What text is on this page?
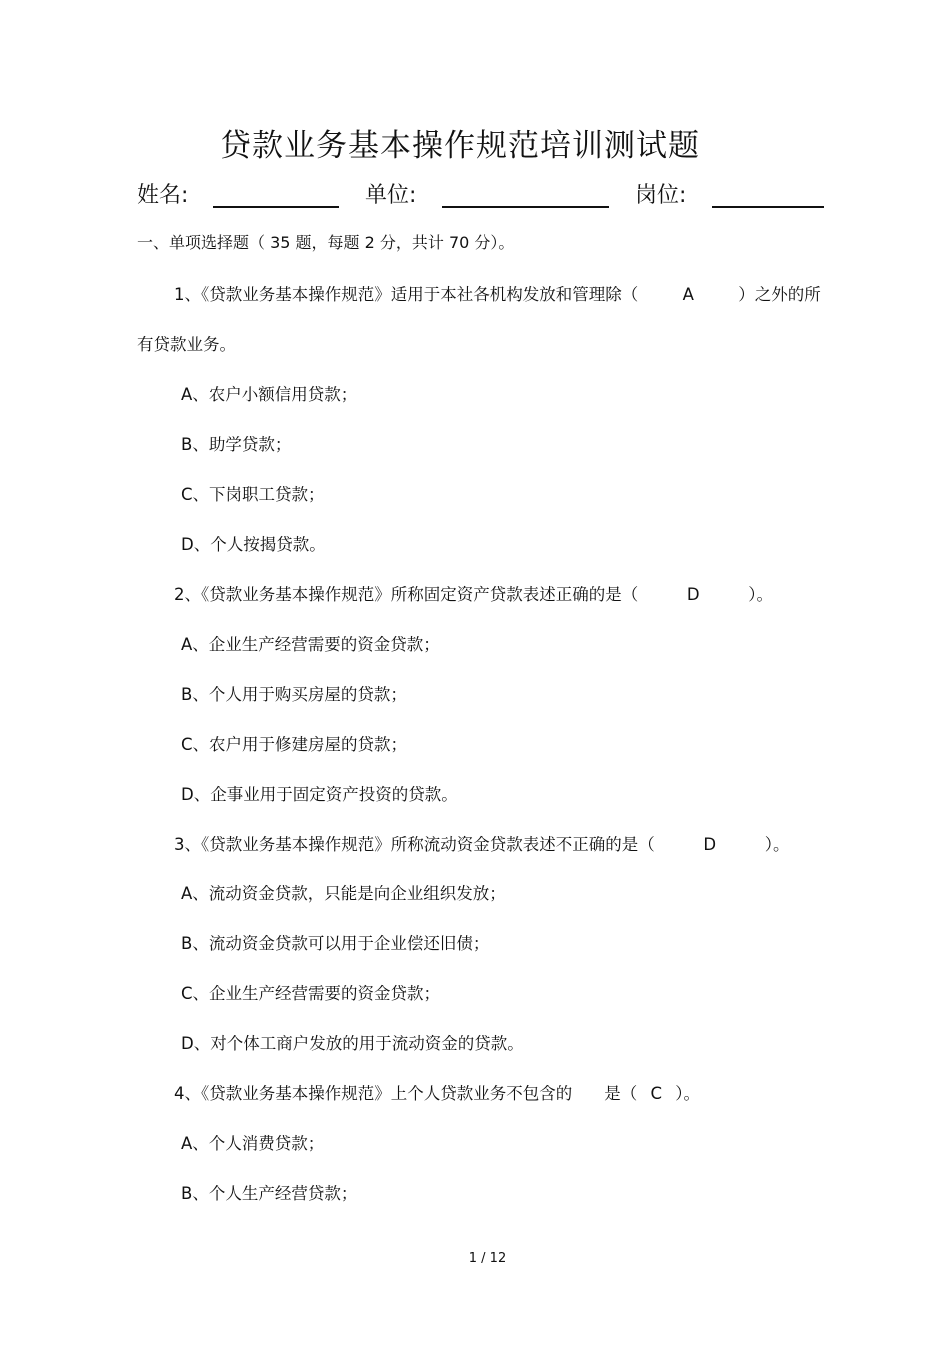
贷款业务基本操作规范培训测试题
姓名:	单位:	岗位:
一、单项选择题（ 35 题，每题 2 分，共计 70 分）。
1、《贷款业务基本操作规范》适用于本社各机构发放和管理除（	A	）之外的所
有贷款业务。
A、农户小额信用贷款；
B、助学贷款；
C、下岗职工贷款；
D、个人按揭贷款。
2、《贷款业务基本操作规范》所称固定资产贷款表述正确的是（	D	）。
A、企业生产经营需要的资金贷款；
B、个人用于购买房屋的贷款；
C、农户用于修建房屋的贷款；
D、企事业用于固定资产投资的贷款。
3、《贷款业务基本操作规范》所称流动资金贷款表述不正确的是（	D	）。
A、流动资金贷款，只能是向企业组织发放；
B、流动资金贷款可以用于企业偿还旧债；
C、企业生产经营需要的资金贷款；
D、对个体工商户发放的用于流动资金的贷款。
4、《贷款业务基本操作规范》上个人贷款业务不包含的 是（ C ）。
A、个人消费贷款；
B、个人生产经营贷款；
1 / 12
